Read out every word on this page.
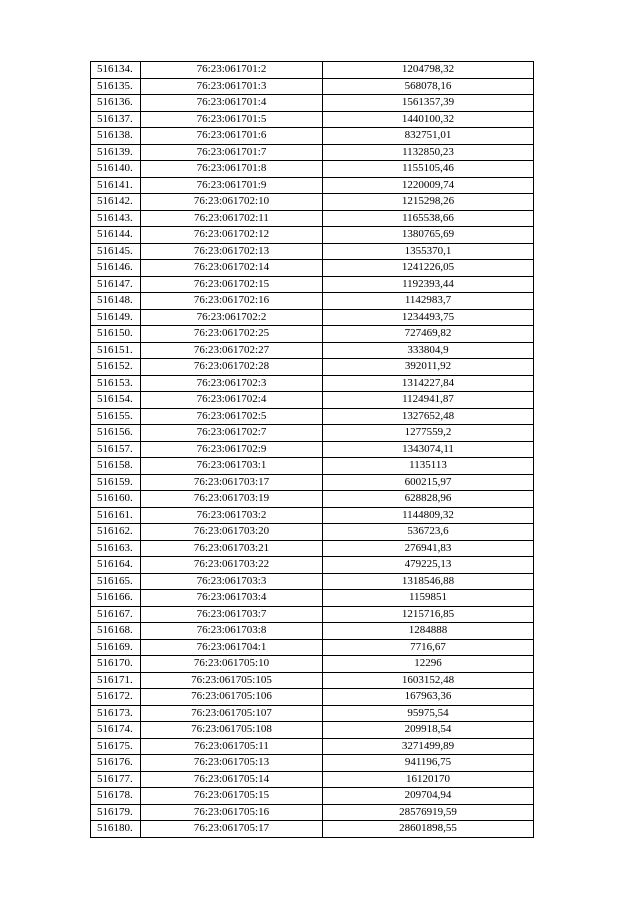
516134.	76:23:061701:2	1204798,32
516135.	76:23:061701:3	568078,16
516136.	76:23:061701:4	1561357,39
516137.	76:23:061701:5	1440100,32
516138.	76:23:061701:6	832751,01
516139.	76:23:061701:7	1132850,23
516140.	76:23:061701:8	1155105,46
516141.	76:23:061701:9	1220009,74
516142.	76:23:061702:10	1215298,26
516143.	76:23:061702:11	1165538,66
516144.	76:23:061702:12	1380765,69
516145.	76:23:061702:13	1355370,1
516146.	76:23:061702:14	1241226,05
516147.	76:23:061702:15	1192393,44
516148.	76:23:061702:16	1142983,7
516149.	76:23:061702:2	1234493,75
516150.	76:23:061702:25	727469,82
516151.	76:23:061702:27	333804,9
516152.	76:23:061702:28	392011,92
516153.	76:23:061702:3	1314227,84
516154.	76:23:061702:4	1124941,87
516155.	76:23:061702:5	1327652,48
516156.	76:23:061702:7	1277559,2
516157.	76:23:061702:9	1343074,11
516158.	76:23:061703:1	1135113
516159.	76:23:061703:17	600215,97
516160.	76:23:061703:19	628828,96
516161.	76:23:061703:2	1144809,32
516162.	76:23:061703:20	536723,6
516163.	76:23:061703:21	276941,83
516164.	76:23:061703:22	479225,13
516165.	76:23:061703:3	1318546,88
516166.	76:23:061703:4	1159851
516167.	76:23:061703:7	1215716,85
516168.	76:23:061703:8	1284888
516169.	76:23:061704:1	7716,67
516170.	76:23:061705:10	12296
516171.	76:23:061705:105	1603152,48
516172.	76:23:061705:106	167963,36
516173.	76:23:061705:107	95975,54
516174.	76:23:061705:108	209918,54
516175.	76:23:061705:11	3271499,89
516176.	76:23:061705:13	941196,75
516177.	76:23:061705:14	16120170
516178.	76:23:061705:15	209704,94
516179.	76:23:061705:16	28576919,59
516180.	76:23:061705:17	28601898,55
